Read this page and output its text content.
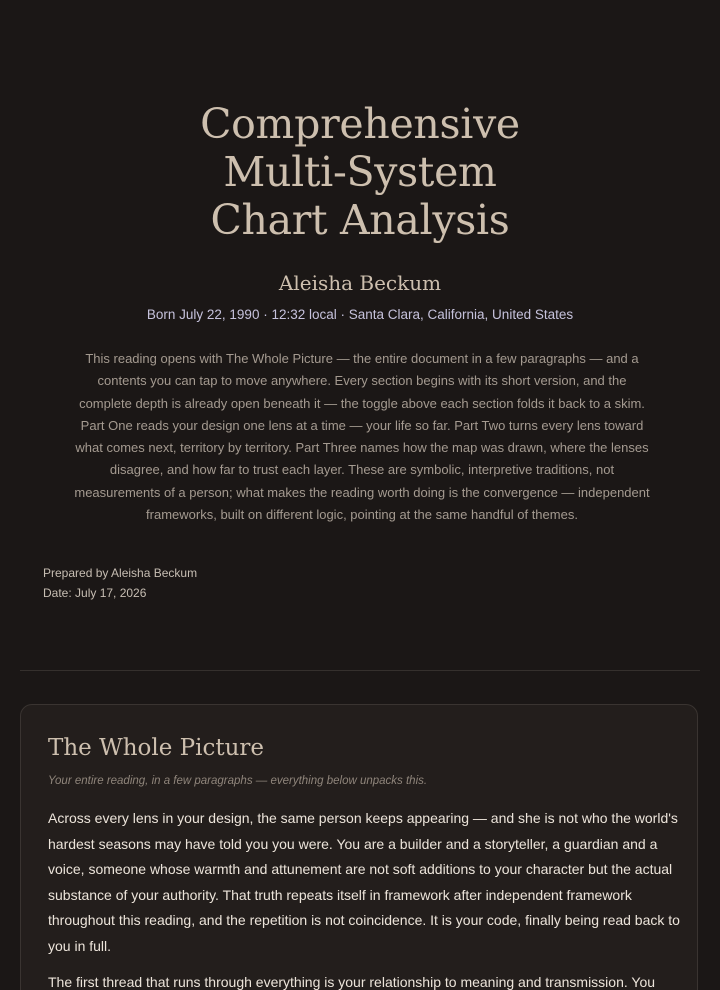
Comprehensive
Multi-System
Chart Analysis
Aleisha Beckum
Born July 22, 1990 · 12:32 local · Santa Clara, California, United States

This reading opens with The Whole Picture — the entire document in a few paragraphs — and a contents you can tap to move anywhere. Every section begins with its short version, and the complete depth is already open beneath it — the toggle above each section folds it back to a skim. Part One reads your design one lens at a time — your life so far. Part Two turns every lens toward what comes next, territory by territory. Part Three names how the map was drawn, where the lenses disagree, and how far to trust each layer. These are symbolic, interpretive traditions, not measurements of a person; what makes the reading worth doing is the convergence — independent frameworks, built on different logic, pointing at the same handful of themes.

Prepared by Aleisha Beckum
Date: July 17, 2026
The Whole Picture
Your entire reading, in a few paragraphs — everything below unpacks this.

Across every lens in your design, the same person keeps appearing — and she is not who the world's hardest seasons may have told you you were. You are a builder and a storyteller, a guardian and a voice, someone whose warmth and attunement are not soft additions to your character but the actual substance of your authority. That truth repeats itself in framework after independent framework throughout this reading, and the repetition is not coincidence. It is your code, finally being read back to you in full.

The first thread that runs through everything is your relationship to meaning and transmission. You
